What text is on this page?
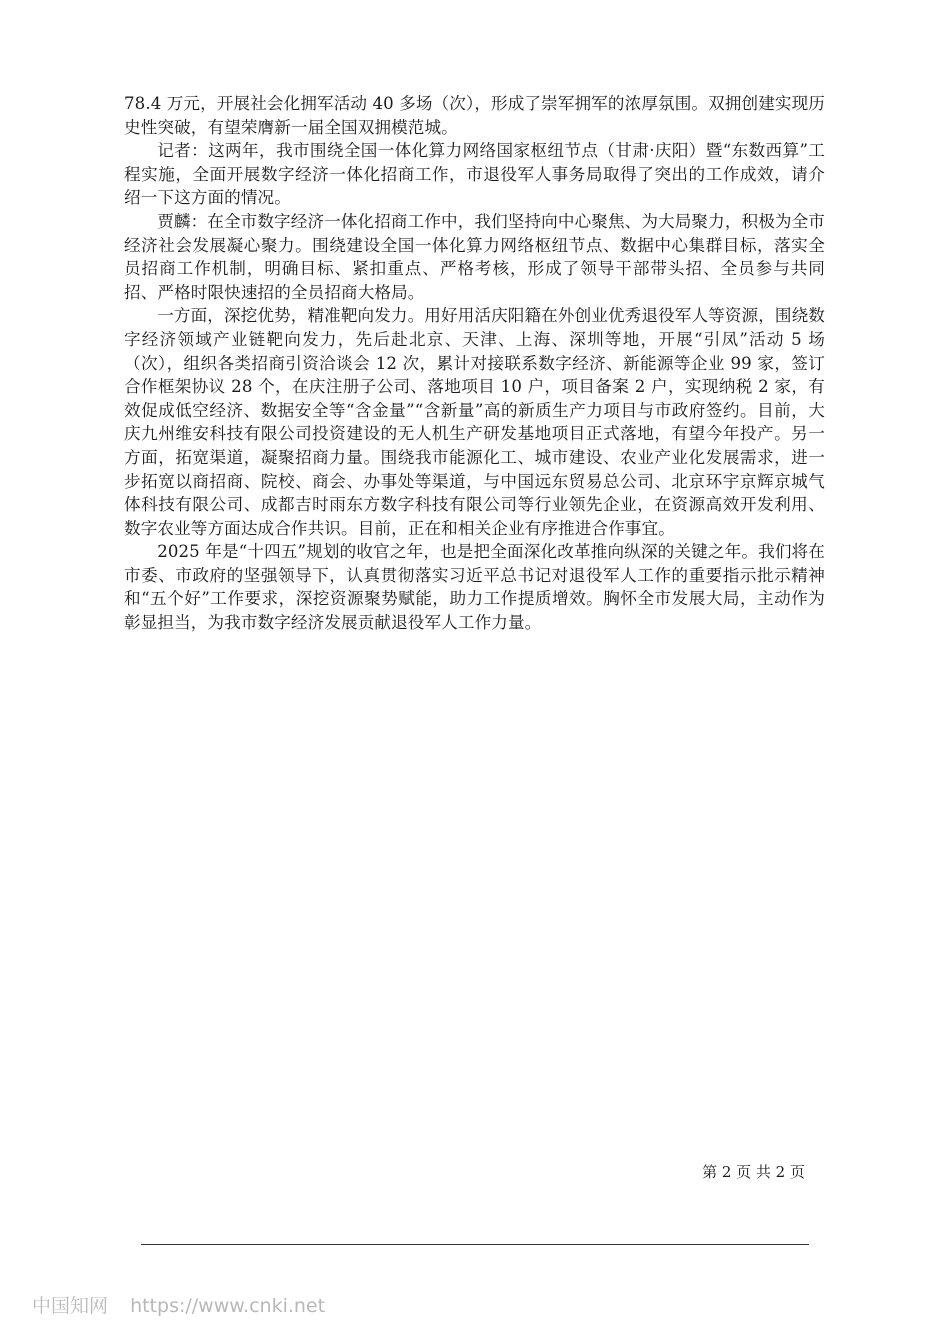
78.4 万元，开展社会化拥军活动 40 多场（次），形成了崇军拥军的浓厚氛围。双拥创建实现历史性突破，有望荣膺新一届全国双拥模范城。

记者：这两年，我市围绕全国一体化算力网络国家枢纽节点（甘肃·庆阳）暨“东数西算”工程实施，全面开展数字经济一体化招商工作，市退役军人事务局取得了突出的工作成效，请介绍一下这方面的情况。

贾麟：在全市数字经济一体化招商工作中，我们坚持向中心聚焦、为大局聚力，积极为全市经济社会发展凝心聚力。围绕建设全国一体化算力网络枢纽节点、数据中心集群目标，落实全员招商工作机制，明确目标、紧扣重点、严格考核，形成了领导干部带头招、全员参与共同招、严格时限快速招的全员招商大格局。

一方面，深挖优势，精准靶向发力。用好用活庆阳籍在外创业优秀退役军人等资源，围绕数字经济领域产业链靶向发力，先后赴北京、天津、上海、深圳等地，开展“引凤”活动 5 场（次），组织各类招商引资洽谈会 12 次，累计对接联系数字经济、新能源等企业 99 家，签订合作框架协议 28 个，在庆注册子公司、落地项目 10 户，项目备案 2 户，实现纳税 2 家，有效促成低空经济、数据安全等“含金量”“含新量”高的新质生产力项目与市政府签约。目前，大庆九州维安科技有限公司投资建设的无人机生产研发基地项目正式落地，有望今年投产。另一方面，拓宽渠道，凝聚招商力量。围绕我市能源化工、城市建设、农业产业化发展需求，进一步拓宽以商招商、院校、商会、办事处等渠道，与中国远东贸易总公司、北京环宇京辉京城气体科技有限公司、成都吉时雨东方数字科技有限公司等行业领先企业，在资源高效开发利用、数字农业等方面达成合作共识。目前，正在和相关企业有序推进合作事宜。

2025 年是“十四五”规划的收官之年，也是把全面深化改革推向纵深的关键之年。我们将在市委、市政府的坚强领导下，认真贯彻落实习近平总书记对退役军人工作的重要指示批示精神和“五个好”工作要求，深挖资源聚势赋能，助力工作提质增效。胸怀全市发展大局，主动作为彰显担当，为我市数字经济发展贡献退役军人工作力量。

第 2 页 共 2 页
中国知网 https://www.cnki.net
